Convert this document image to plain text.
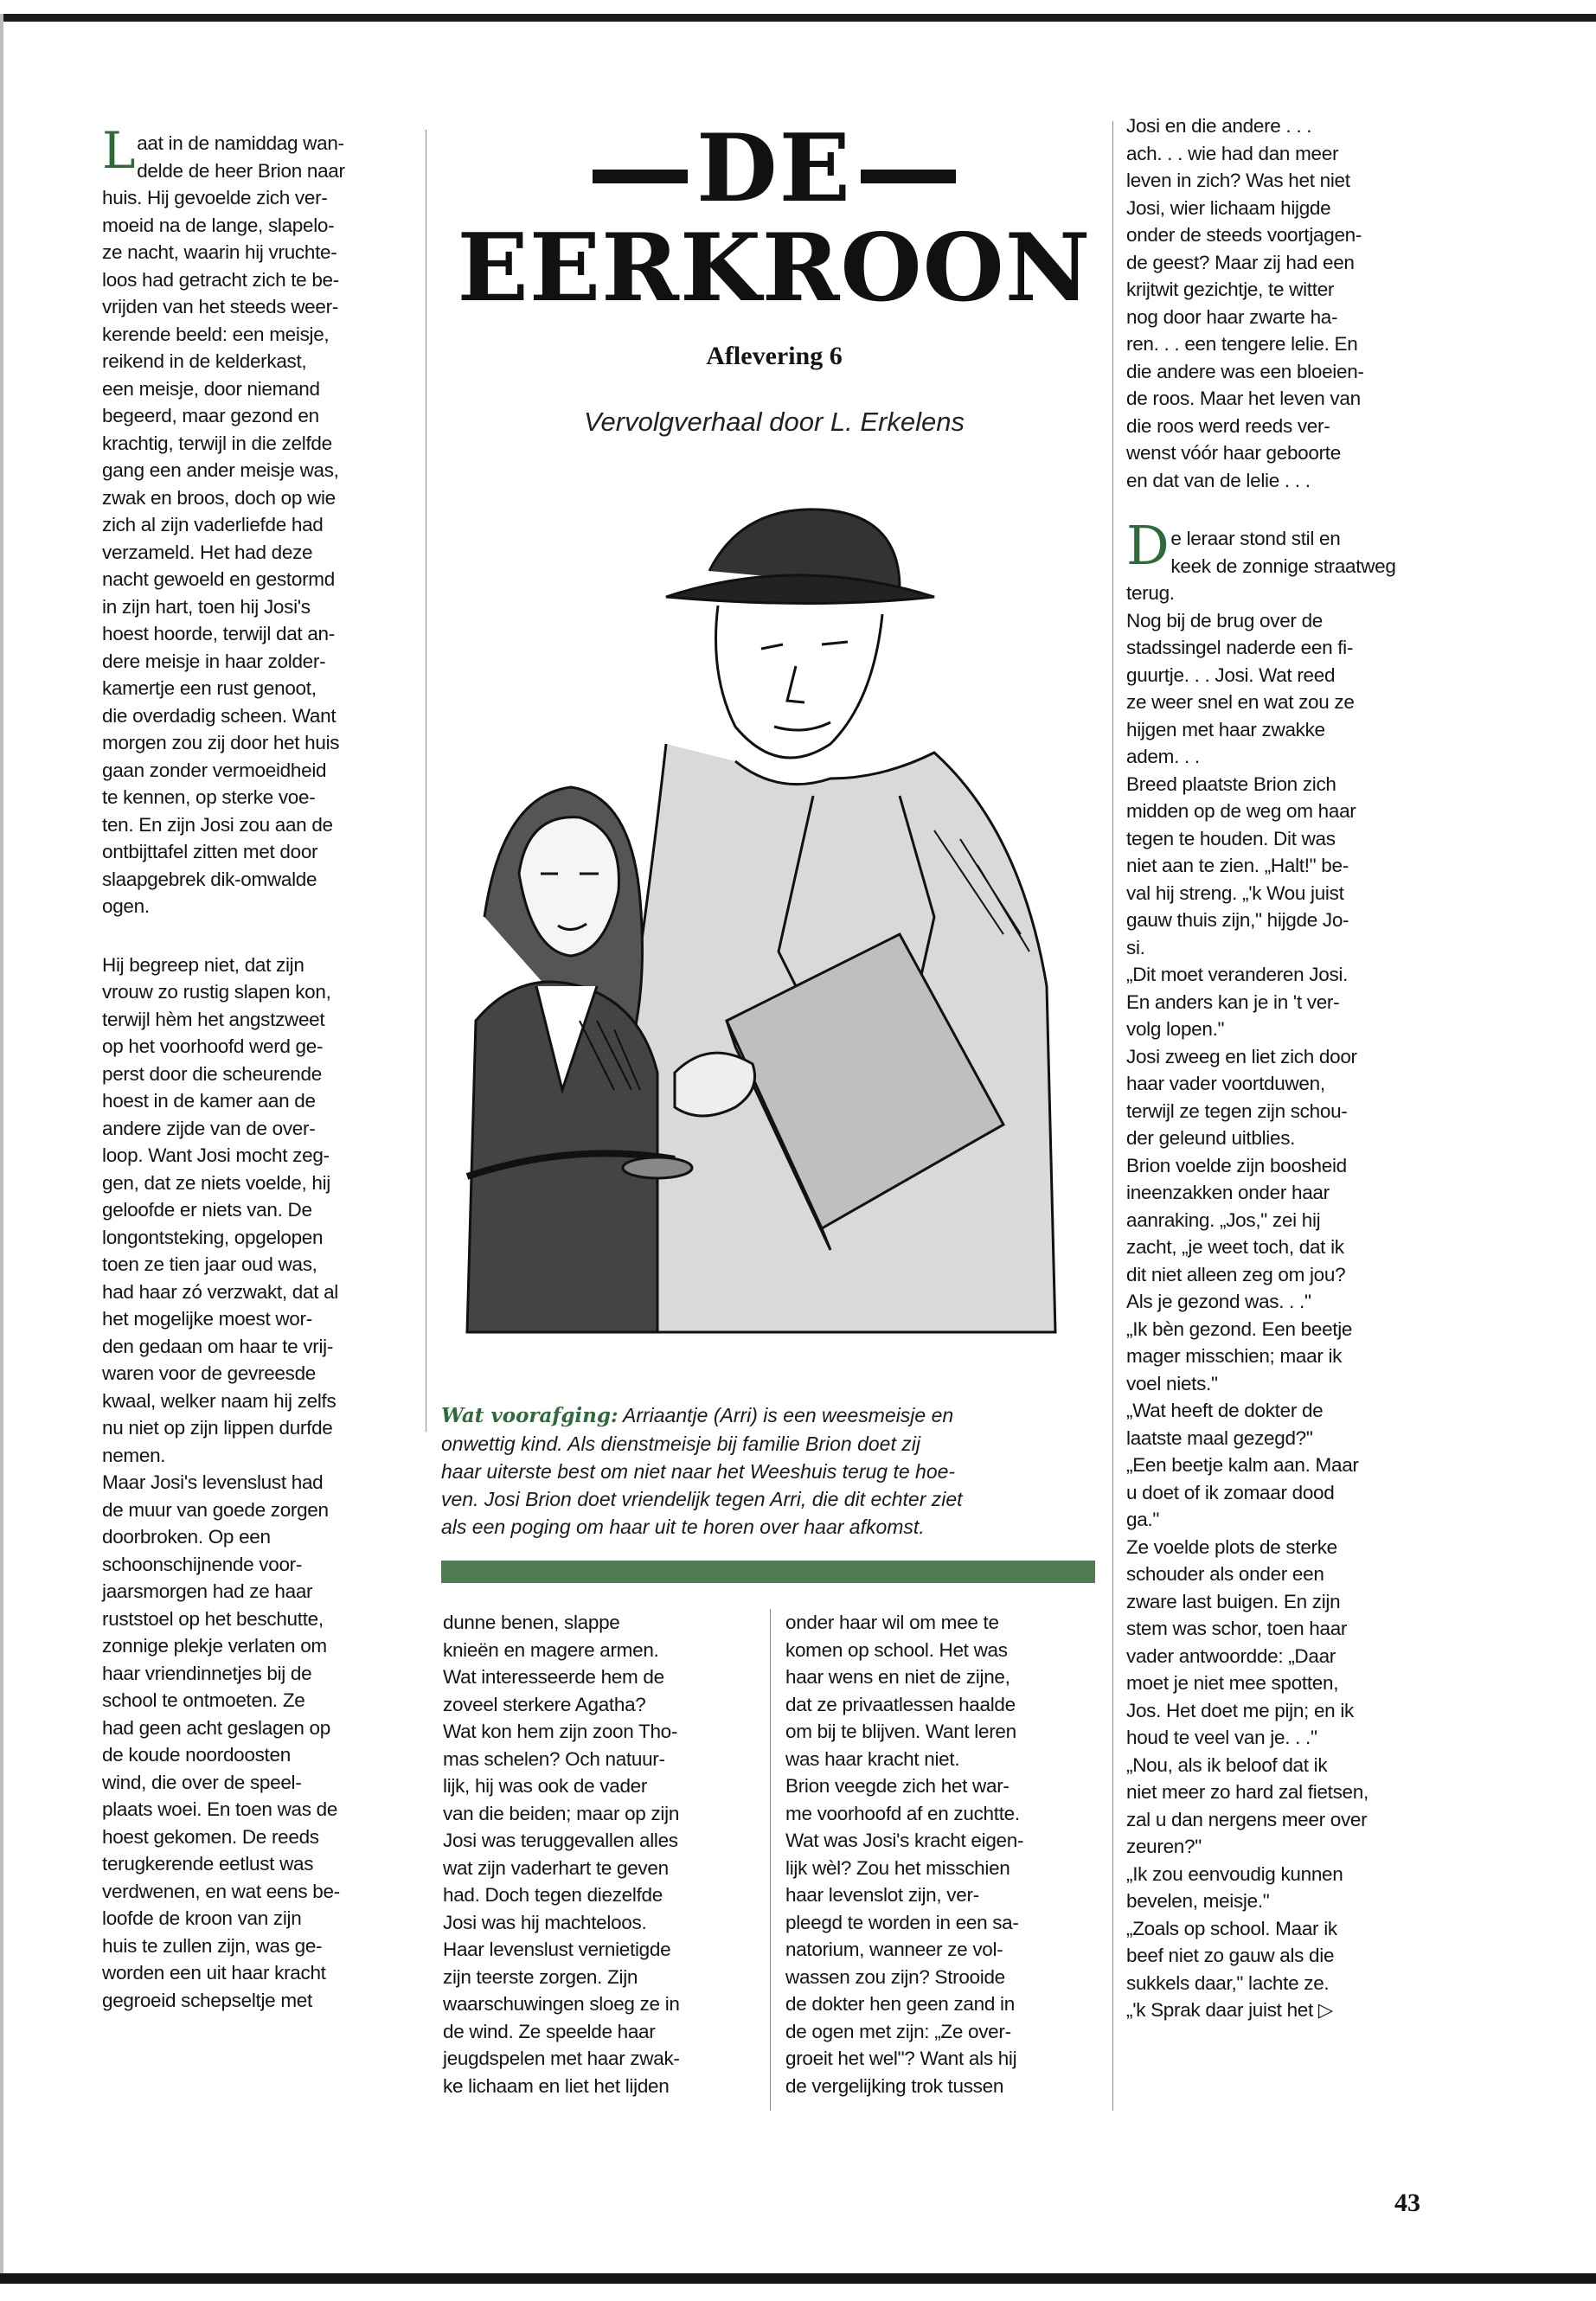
L aat in de namiddag wan-
delde de heer Brion naar
huis. Hij gevoelde zich ver-
moeid na de lange, slapelo-
ze nacht, waarin hij vruchte-
loos had getracht zich te be-
vrijden van het steeds weer-
kerende beeld: een meisje,
reikend in de kelderkast,
een meisje, door niemand
begeerd, maar gezond en
krachtig, terwijl in die zelfde
gang een ander meisje was,
zwak en broos, doch op wie
zich al zijn vaderliefde had
verzameld. Het had deze
nacht gewoeld en gestormd
in zijn hart, toen hij Josi's
hoest hoorde, terwijl dat an-
dere meisje in haar zolder-
kamertje een rust genoot,
die overdadig scheen. Want
morgen zou zij door het huis
gaan zonder vermoeidheid
te kennen, op sterke voe-
ten. En zijn Josi zou aan de
ontbijttafel zitten met door
slaapgebrek dik-omwalde
ogen.

Hij begreep niet, dat zijn
vrouw zo rustig slapen kon,
terwijl hèm het angstzweet
op het voorhoofd werd ge-
perst door die scheurende
hoest in de kamer aan de
andere zijde van de over-
loop. Want Josi mocht zeg-
gen, dat ze niets voelde, hij
geloofde er niets van. De
longontsteking, opgelopen
toen ze tien jaar oud was,
had haar zó verzwakt, dat al
het mogelijke moest wor-
den gedaan om haar te vrij-
waren voor de gevreesde
kwaal, welker naam hij zelfs
nu niet op zijn lippen durfde
nemen.
Maar Josi's levenslust had
de muur van goede zorgen
doorbroken. Op een
schoonschijnende voor-
jaarsmorgen had ze haar
ruststoel op het beschutte,
zonnige plekje verlaten om
haar vriendinnetjes bij de
school te ontmoeten. Ze
had geen acht geslagen op
de koude noordoosten
wind, die over de speel-
plaats woei. En toen was de
hoest gekomen. De reeds
terugkerende eetlust was
verdwenen, en wat eens be-
loofde de kroon van zijn
huis te zullen zijn, was ge-
worden een uit haar kracht
gegroeid schepseltje met

DE
EERKROON
Aflevering 6
Vervolgverhaal door L. Erkelens
Wat voorafging: Arriaantje (Arri) is een weesmeisje en
onwettig kind. Als dienstmeisje bij familie Brion doet zij
haar uiterste best om niet naar het Weeshuis terug te hoe-
ven. Josi Brion doet vriendelijk tegen Arri, die dit echter ziet
als een poging om haar uit te horen over haar afkomst.
dunne benen, slappe
knieën en magere armen.
Wat interesseerde hem de
zoveel sterkere Agatha?
Wat kon hem zijn zoon Tho-
mas schelen? Och natuur-
lijk, hij was ook de vader
van die beiden; maar op zijn
Josi was teruggevallen alles
wat zijn vaderhart te geven
had. Doch tegen diezelfde
Josi was hij machteloos.
Haar levenslust vernietigde
zijn teerste zorgen. Zijn
waarschuwingen sloeg ze in
de wind. Ze speelde haar
jeugdspelen met haar zwak-
ke lichaam en liet het lijden
onder haar wil om mee te
komen op school. Het was
haar wens en niet de zijne,
dat ze privaatlessen haalde
om bij te blijven. Want leren
was haar kracht niet.
Brion veegde zich het war-
me voorhoofd af en zuchtte.
Wat was Josi's kracht eigen-
lijk wèl? Zou het misschien
haar levenslot zijn, ver-
pleegd te worden in een sa-
natorium, wanneer ze vol-
wassen zou zijn? Strooide
de dokter hen geen zand in
de ogen met zijn: „Ze over-
groeit het wel"? Want als hij
de vergelijking trok tussen

Josi en die andere . . .
ach. . . wie had dan meer
leven in zich? Was het niet
Josi, wier lichaam hijgde
onder de steeds voortjagen-
de geest? Maar zij had een
krijtwit gezichtje, te witter
nog door haar zwarte ha-
ren. . . een tengere lelie. En
die andere was een bloeien-
de roos. Maar het leven van
die roos werd reeds ver-
wenst vóór haar geboorte
en dat van de lelie . . .

D e leraar stond stil en
keek de zonnige straatweg
terug.
Nog bij de brug over de
stadssingel naderde een fi-
guurtje. . . Josi. Wat reed
ze weer snel en wat zou ze
hijgen met haar zwakke
adem. . .
Breed plaatste Brion zich
midden op de weg om haar
tegen te houden. Dit was
niet aan te zien. „Halt!" be-
val hij streng. „'k Wou juist
gauw thuis zijn," hijgde Jo-
si.
„Dit moet veranderen Josi.
En anders kan je in 't ver-
volg lopen."
Josi zweeg en liet zich door
haar vader voortduwen,
terwijl ze tegen zijn schou-
der geleund uitblies.
Brion voelde zijn boosheid
ineenzakken onder haar
aanraking. „Jos," zei hij
zacht, „je weet toch, dat ik
dit niet alleen zeg om jou?
Als je gezond was. . ."
„Ik bèn gezond. Een beetje
mager misschien; maar ik
voel niets."
„Wat heeft de dokter de
laatste maal gezegd?"
„Een beetje kalm aan. Maar
u doet of ik zomaar dood
ga."
Ze voelde plots de sterke
schouder als onder een
zware last buigen. En zijn
stem was schor, toen haar
vader antwoordde: „Daar
moet je niet mee spotten,
Jos. Het doet me pijn; en ik
houd te veel van je. . ."
„Nou, als ik beloof dat ik
niet meer zo hard zal fietsen,
zal u dan nergens meer over
zeuren?"
„Ik zou eenvoudig kunnen
bevelen, meisje."
„Zoals op school. Maar ik
beef niet zo gauw als die
sukkels daar," lachte ze.
„'k Sprak daar juist het ▷

43
